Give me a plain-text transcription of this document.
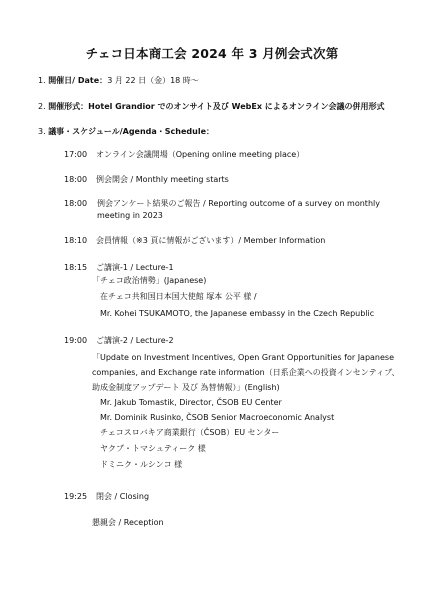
チェコ日本商工会 2024 年 3 月例会式次第
1. 開催日/ Date：3 月 22 日（金）18 時～
2. 開催形式：Hotel Grandior でのオンサイト及び WebEx によるオンライン会議の併用形式
3. 議事・スケジュール/Agenda・Schedule：
17:00 オンライン会議開場（Opening online meeting place）
18:00 例会開会 / Monthly meeting starts
18:00 例会アンケート結果のご報告 / Reporting outcome of a survey on monthly
meeting in 2023
18:10 会員情報（※3 頁に情報がございます）/ Member Information
18:15 ご講演-1 / Lecture-1
「チェコ政治情勢」(Japanese)
在チェコ共和国日本国大使館 塚本 公平 様 /
Mr. Kohei TSUKAMOTO, the Japanese embassy in the Czech Republic
19:00 ご講演-2 / Lecture-2
「Update on Investment Incentives, Open Grant Opportunities for Japanese
companies, and Exchange rate information（日系企業への投資インセンティブ、
助成金制度アップデート 及び 為替情報）」(English)
Mr. Jakub Tomastik, Director, ČSOB EU Center
Mr. Dominik Rusinko, ČSOB Senior Macroeconomic Analyst
チェコスロバキア商業銀行（ČSOB）EU センター
ヤクブ・トマシュティーク 様
ドミニク・ルシンコ 様
19:25 閉会 / Closing
懇親会 / Reception
